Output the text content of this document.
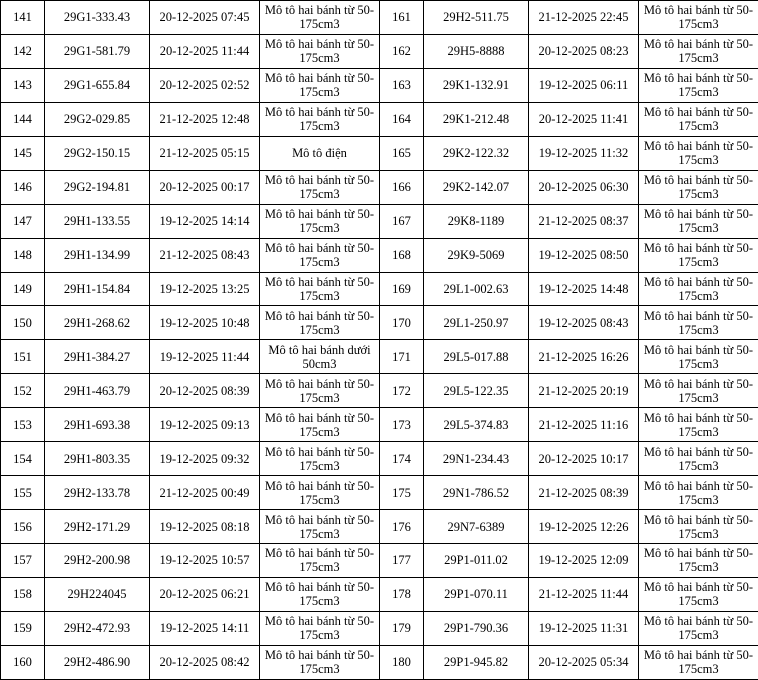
141	29G1-333.43	20-12-2025 07:45	Mô tô hai bánh từ 50-175cm3	161	29H2-511.75	21-12-2025 22:45	Mô tô hai bánh từ 50-175cm3
142	29G1-581.79	20-12-2025 11:44	Mô tô hai bánh từ 50-175cm3	162	29H5-8888	20-12-2025 08:23	Mô tô hai bánh từ 50-175cm3
143	29G1-655.84	20-12-2025 02:52	Mô tô hai bánh từ 50-175cm3	163	29K1-132.91	19-12-2025 06:11	Mô tô hai bánh từ 50-175cm3
144	29G2-029.85	21-12-2025 12:48	Mô tô hai bánh từ 50-175cm3	164	29K1-212.48	20-12-2025 11:41	Mô tô hai bánh từ 50-175cm3
145	29G2-150.15	21-12-2025 05:15	Mô tô điện	165	29K2-122.32	19-12-2025 11:32	Mô tô hai bánh từ 50-175cm3
146	29G2-194.81	20-12-2025 00:17	Mô tô hai bánh từ 50-175cm3	166	29K2-142.07	20-12-2025 06:30	Mô tô hai bánh từ 50-175cm3
147	29H1-133.55	19-12-2025 14:14	Mô tô hai bánh từ 50-175cm3	167	29K8-1189	21-12-2025 08:37	Mô tô hai bánh từ 50-175cm3
148	29H1-134.99	21-12-2025 08:43	Mô tô hai bánh từ 50-175cm3	168	29K9-5069	19-12-2025 08:50	Mô tô hai bánh từ 50-175cm3
149	29H1-154.84	19-12-2025 13:25	Mô tô hai bánh từ 50-175cm3	169	29L1-002.63	19-12-2025 14:48	Mô tô hai bánh từ 50-175cm3
150	29H1-268.62	19-12-2025 10:48	Mô tô hai bánh từ 50-175cm3	170	29L1-250.97	19-12-2025 08:43	Mô tô hai bánh từ 50-175cm3
151	29H1-384.27	19-12-2025 11:44	Mô tô hai bánh dưới 50cm3	171	29L5-017.88	21-12-2025 16:26	Mô tô hai bánh từ 50-175cm3
152	29H1-463.79	20-12-2025 08:39	Mô tô hai bánh từ 50-175cm3	172	29L5-122.35	21-12-2025 20:19	Mô tô hai bánh từ 50-175cm3
153	29H1-693.38	19-12-2025 09:13	Mô tô hai bánh từ 50-175cm3	173	29L5-374.83	21-12-2025 11:16	Mô tô hai bánh từ 50-175cm3
154	29H1-803.35	19-12-2025 09:32	Mô tô hai bánh từ 50-175cm3	174	29N1-234.43	20-12-2025 10:17	Mô tô hai bánh từ 50-175cm3
155	29H2-133.78	21-12-2025 00:49	Mô tô hai bánh từ 50-175cm3	175	29N1-786.52	21-12-2025 08:39	Mô tô hai bánh từ 50-175cm3
156	29H2-171.29	19-12-2025 08:18	Mô tô hai bánh từ 50-175cm3	176	29N7-6389	19-12-2025 12:26	Mô tô hai bánh từ 50-175cm3
157	29H2-200.98	19-12-2025 10:57	Mô tô hai bánh từ 50-175cm3	177	29P1-011.02	19-12-2025 12:09	Mô tô hai bánh từ 50-175cm3
158	29H224045	20-12-2025 06:21	Mô tô hai bánh từ 50-175cm3	178	29P1-070.11	21-12-2025 11:44	Mô tô hai bánh từ 50-175cm3
159	29H2-472.93	19-12-2025 14:11	Mô tô hai bánh từ 50-175cm3	179	29P1-790.36	19-12-2025 11:31	Mô tô hai bánh từ 50-175cm3
160	29H2-486.90	20-12-2025 08:42	Mô tô hai bánh từ 50-175cm3	180	29P1-945.82	20-12-2025 05:34	Mô tô hai bánh từ 50-175cm3
